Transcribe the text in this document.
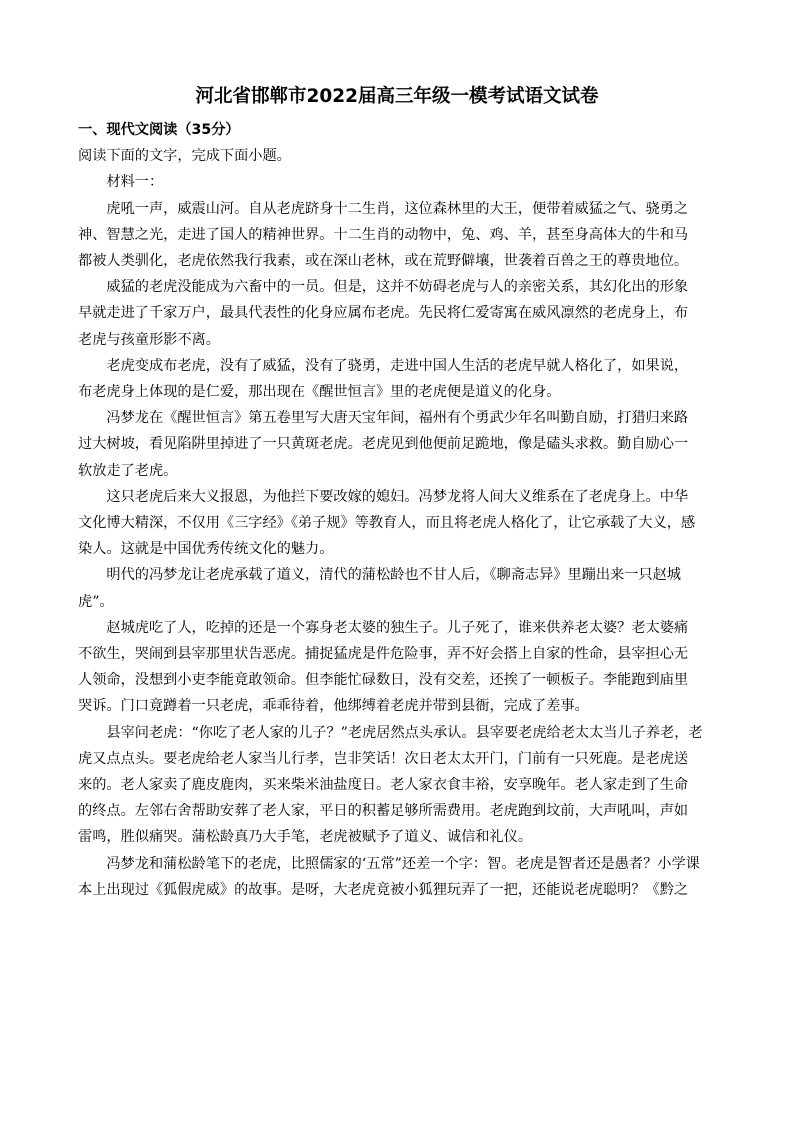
河北省邯郸市2022届高三年级一模考试语文试卷

一、现代文阅读（35分）

阅读下面的文字，完成下面小题。

材料一：

虎吼一声，威震山河。自从老虎跻身十二生肖，这位森林里的大王，便带着威猛之气、骁勇之
神、智慧之光，走进了国人的精神世界。十二生肖的动物中，兔、鸡、羊，甚至身高体大的牛和马
都被人类驯化，老虎依然我行我素，或在深山老林，或在荒野僻壤，世袭着百兽之王的尊贵地位。

威猛的老虎没能成为六畜中的一员。但是，这并不妨碍老虎与人的亲密关系，其幻化出的形象
早就走进了千家万户，最具代表性的化身应属布老虎。先民将仁爱寄寓在威风凛然的老虎身上，布
老虎与孩童形影不离。

老虎变成布老虎，没有了威猛，没有了骁勇，走进中国人生活的老虎早就人格化了，如果说，
布老虎身上体现的是仁爱，那出现在《醒世恒言》里的老虎便是道义的化身。

冯梦龙在《醒世恒言》第五卷里写大唐天宝年间，福州有个勇武少年名叫勤自励，打猎归来路
过大树坡，看见陷阱里掉进了一只黄斑老虎。老虎见到他便前足跪地，像是磕头求救。勤自励心一
软放走了老虎。

这只老虎后来大义报恩，为他拦下要改嫁的媳妇。冯梦龙将人间大义维系在了老虎身上。中华
文化博大精深，不仅用《三字经》《弟子规》等教育人，而且将老虎人格化了，让它承载了大义，感
染人。这就是中国优秀传统文化的魅力。

明代的冯梦龙让老虎承载了道义，清代的蒲松龄也不甘人后，《聊斋志异》里蹦出来一只赵城
虎”。

赵城虎吃了人，吃掉的还是一个寡身老太婆的独生子。儿子死了，谁来供养老太婆？老太婆痛
不欲生，哭闹到县宰那里状告恶虎。捕捉猛虎是件危险事，弄不好会搭上自家的性命，县宰担心无
人领命，没想到小吏李能竟敢领命。但李能忙碌数日，没有交差，还挨了一顿板子。李能跑到庙里
哭诉。门口竟蹲着一只老虎，乖乖待着，他绑缚着老虎并带到县衙，完成了差事。

县宰问老虎：“你吃了老人家的儿子？”老虎居然点头承认。县宰要老虎给老太太当儿子养老，老
虎又点点头。要老虎给老人家当儿行孝，岂非笑话！次日老太太开门，门前有一只死鹿。是老虎送
来的。老人家卖了鹿皮鹿肉，买来柴米油盐度日。老人家衣食丰裕，安享晚年。老人家走到了生命
的终点。左邻右舍帮助安葬了老人家，平日的积蓄足够所需费用。老虎跑到坟前，大声吼叫，声如
雷鸣，胜似痛哭。蒲松龄真乃大手笔，老虎被赋予了道义、诚信和礼仪。

冯梦龙和蒲松龄笔下的老虎，比照儒家的‘五常”还差一个字：智。老虎是智者还是愚者？小学课
本上出现过《狐假虎威》的故事。是呀，大老虎竟被小狐狸玩弄了一把，还能说老虎聪明？《黔之
